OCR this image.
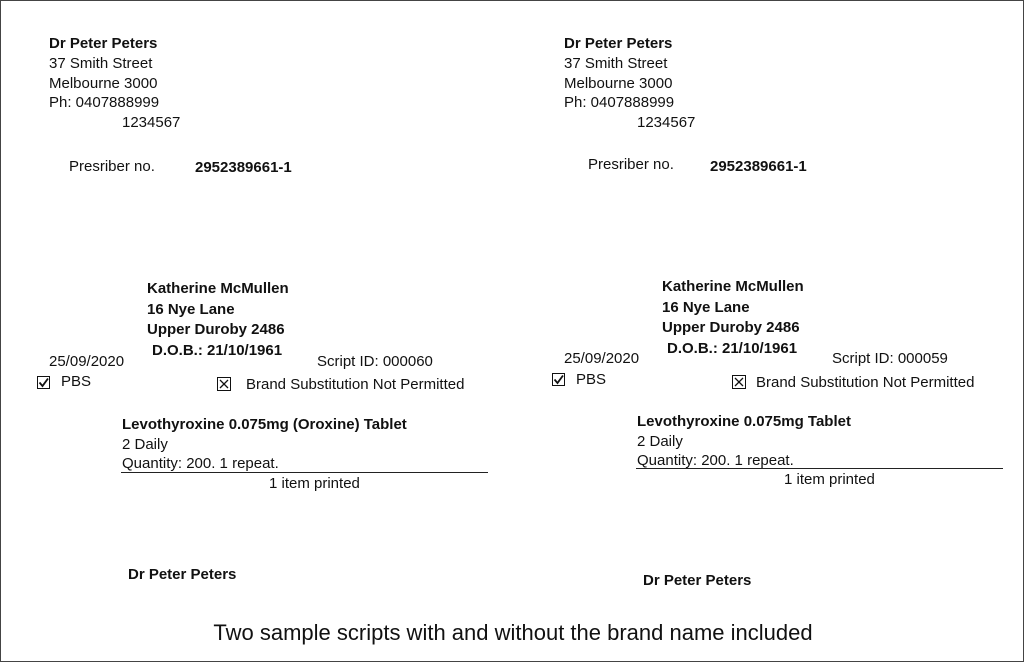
Dr Peter Peters
37 Smith Street
Melbourne 3000
Ph: 0407888999
1234567
Presriber no.	2952389661-1
Katherine McMullen
16 Nye Lane
Upper Duroby 2486
D.O.B.: 21/10/1961
25/09/2020	Script ID: 000060
PBS	Brand Substitution Not Permitted
Levothyroxine 0.075mg (Oroxine) Tablet
2 Daily
Quantity: 200. 1 repeat.
1 item printed
Dr Peter Peters
Dr Peter Peters
37 Smith Street
Melbourne 3000
Ph: 0407888999
1234567
Presriber no. 2952389661-1
Katherine McMullen
16 Nye Lane
Upper Duroby 2486
D.O.B.: 21/10/1961
25/09/2020	Script ID: 000059
PBS	Brand Substitution Not Permitted
Levothyroxine 0.075mg Tablet
2 Daily
Quantity: 200. 1 repeat.
1 item printed
Dr Peter Peters
Two sample scripts with and without the brand name included
